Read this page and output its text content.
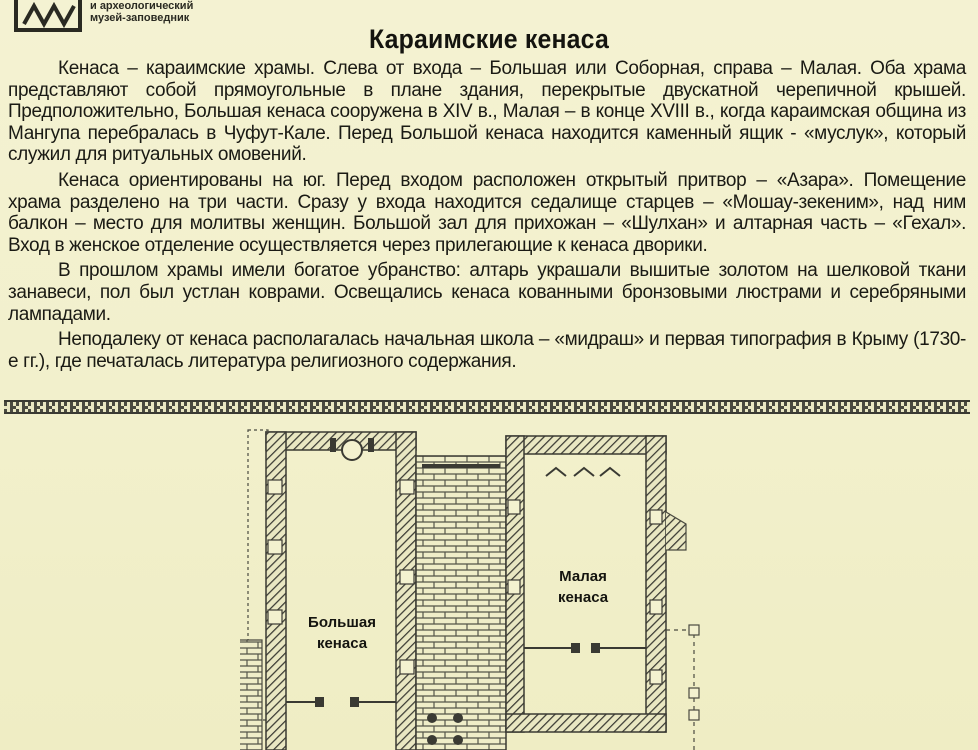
и археологический
музей-заповедник
Караимские кенаса

Кенаса – караимские храмы. Слева от входа – Большая или Соборная, справа – Малая. Оба храма представляют собой прямоугольные в плане здания, перекрытые двускатной черепичной крышей. Предположительно, Большая кенаса сооружена в XIV в., Малая – в конце XVIII в., когда караимская община из Мангупа перебралась в Чуфут-Кале. Перед Большой кенаса находится каменный ящик - «муслук», который служил для ритуальных омовений.

Кенаса ориентированы на юг. Перед входом расположен открытый притвор – «Азара». Помещение храма разделено на три части. Сразу у входа находится седалище старцев – «Мошау-зекеним», над ним балкон – место для молитвы женщин. Большой зал для прихожан – «Шулхан» и алтарная часть – «Гехал». Вход в женское отделение осуществляется через прилегающие к кенаса дворики.

В прошлом храмы имели богатое убранство: алтарь украшали вышитые золотом на шелковой ткани занавеси, пол был устлан коврами. Освещались кенаса кованными бронзовыми люстрами и серебряными лампадами.

Неподалеку от кенаса располагалась начальная школа – «мидраш» и первая типография в Крыму (1730-е гг.), где печаталась литература религиозного содержания.

Большая
кенаса
Малая
кенаса
